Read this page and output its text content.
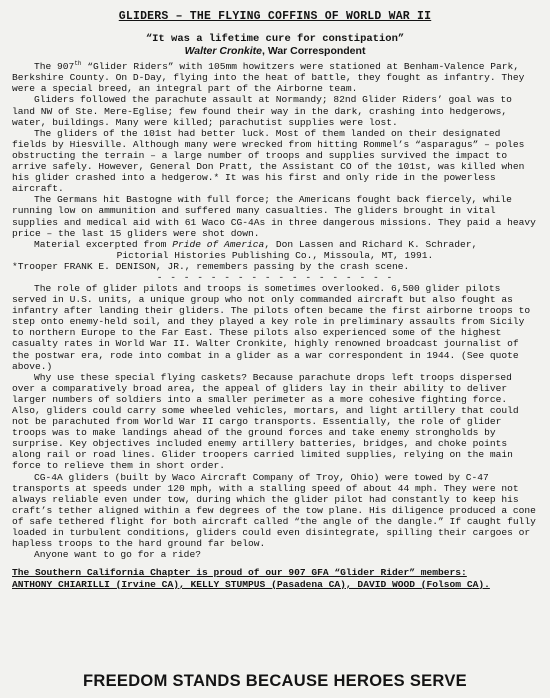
GLIDERS – THE FLYING COFFINS OF WORLD WAR II
“It was a lifetime cure for constipation”
Walter Cronkite, War Correspondent

The 907th “Glider Riders” with 105mm howitzers were stationed at Benham-Valence Park, Berkshire County. On D-Day, flying into the heat of battle, they fought as infantry. They were a special breed, an integral part of the Airborne team.

Gliders followed the parachute assault at Normandy; 82nd Glider Riders’ goal was to land NW of Ste. Mere-Eglise; few found their way in the dark, crashing into hedgerows, water, buildings. Many were killed; parachutist supplies were lost.

The gliders of the 101st had better luck. Most of them landed on their designated fields by Hiesville. Although many were wrecked from hitting Rommel’s “asparagus” – poles obstructing the terrain – a large number of troops and supplies survived the impact to arrive safely. However, General Don Pratt, the Assistant CO of the 101st, was killed when his glider crashed into a hedgerow.* It was his first and only ride in the powerless aircraft.

The Germans hit Bastogne with full force; the Americans fought back fiercely, while running low on ammunition and suffered many casualties. The gliders brought in vital supplies and medical aid with 61 Waco CG-4As in three dangerous missions. They paid a heavy price – the last 15 gliders were shot down.

Material excerpted from Pride of America, Don Lassen and Richard K. Schrader,

Pictorial Histories Publishing Co., Missoula, MT, 1991.

*Trooper FRANK E. DENISON, JR., remembers passing by the crash scene.

- - - - - - - - - - - - - - - - - -

The role of glider pilots and troops is sometimes overlooked. 6,500 glider pilots served in U.S. units, a unique group who not only commanded aircraft but also fought as infantry after landing their gliders. The pilots often became the first airborne troops to step onto enemy-held soil, and they played a key role in preliminary assaults from Sicily to northern Europe to the Far East. These pilots also experienced some of the highest casualty rates in World War II. Walter Cronkite, highly renowned broadcast journalist of the postwar era, rode into combat in a glider as a war correspondent in 1944. (See quote above.)

Why use these special flying caskets? Because parachute drops left troops dispersed over a comparatively broad area, the appeal of gliders lay in their ability to deliver larger numbers of soldiers into a smaller perimeter as a more cohesive fighting force. Also, gliders could carry some wheeled vehicles, mortars, and light artillery that could not be parachuted from World War II cargo transports. Essentially, the role of glider troops was to make landings ahead of the ground forces and take enemy strongholds by surprise. Key objectives included enemy artillery batteries, bridges, and choke points along rail or road lines. Glider troopers carried limited supplies, relying on the main force to relieve them in short order.

CG-4A gliders (built by Waco Aircraft Company of Troy, Ohio) were towed by C-47 transports at speeds under 120 mph, with a stalling speed of about 44 mph. They were not always reliable even under tow, during which the glider pilot had constantly to keep his craft’s tether aligned within a few degrees of the tow plane. His diligence produced a cone of safe tethered flight for both aircraft called “the angle of the dangle.” If caught fully loaded in turbulent conditions, gliders could even disintegrate, spilling their cargoes or hapless troops to the hard ground far below.

Anyone want to go for a ride?

The Southern California Chapter is proud of our 907 GFA “Glider Rider” members:
ANTHONY CHIARILLI (Irvine CA), KELLY STUMPUS (Pasadena CA), DAVID WOOD (Folsom CA).
FREEDOM STANDS BECAUSE HEROES SERVE
